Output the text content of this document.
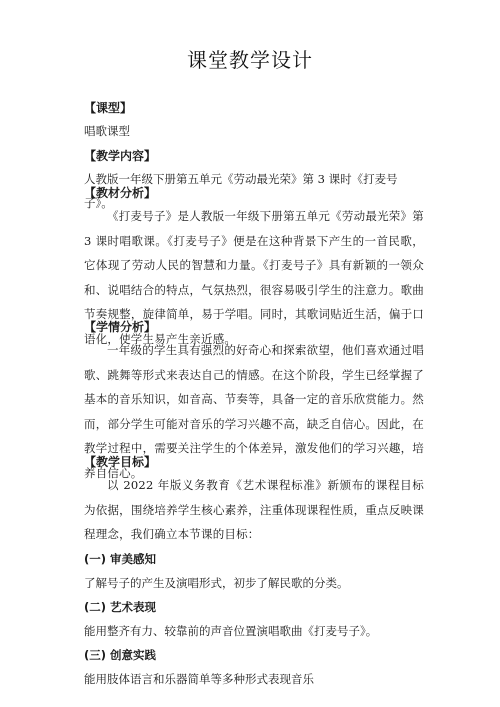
课堂教学设计
【课型】
唱歌课型
【教学内容】
人教版一年级下册第五单元《劳动最光荣》第 3 课时《打麦号子》。
【教材分析】
《打麦号子》是人教版一年级下册第五单元《劳动最光荣》第 3 课时唱歌课。《打麦号子》便是在这种背景下产生的一首民歌，它体现了劳动人民的智慧和力量。《打麦号子》具有新颖的一领众和、说唱结合的特点，气氛热烈，很容易吸引学生的注意力。歌曲节奏规整，旋律简单，易于学唱。同时，其歌词贴近生活，偏于口语化，使学生易产生亲近感。
【学情分析】
一年级的学生具有强烈的好奇心和探索欲望，他们喜欢通过唱歌、跳舞等形式来表达自己的情感。在这个阶段，学生已经掌握了基本的音乐知识，如音高、节奏等，具备一定的音乐欣赏能力。然而，部分学生可能对音乐的学习兴趣不高，缺乏自信心。因此，在教学过程中，需要关注学生的个体差异，激发他们的学习兴趣，培养自信心。
【教学目标】
以 2022 年版义务教育《艺术课程标准》新颁布的课程目标为依据，围绕培养学生核心素养，注重体现课程性质，重点反映课程理念，我们确立本节课的目标：
(一) 审美感知
了解号子的产生及演唱形式，初步了解民歌的分类。
(二) 艺术表现
能用整齐有力、较靠前的声音位置演唱歌曲《打麦号子》。
(三) 创意实践
能用肢体语言和乐器简单等多种形式表现音乐
